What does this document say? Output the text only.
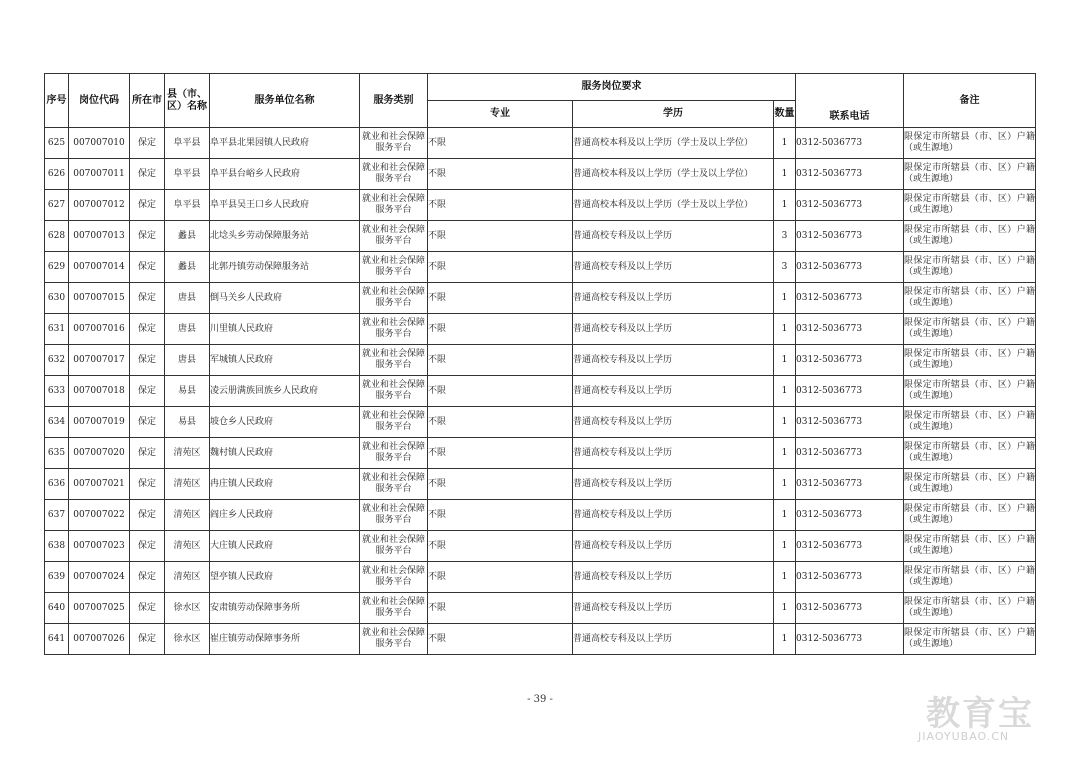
序号	岗位代码	所在市	县（市、区）名称	服务单位名称	服务类别	服务岗位要求			联系电话	备注
						专业	学历	数量		
625	007007010	保定	阜平县	阜平县北果园镇人民政府	就业和社会保障服务平台	不限	普通高校本科及以上学历（学士及以上学位）	1	0312-5036773	限保定市所辖县（市、区）户籍（或生源地）
626	007007011	保定	阜平县	阜平县台峪乡人民政府	就业和社会保障服务平台	不限	普通高校本科及以上学历（学士及以上学位）	1	0312-5036773	限保定市所辖县（市、区）户籍（或生源地）
627	007007012	保定	阜平县	阜平县吴王口乡人民政府	就业和社会保障服务平台	不限	普通高校本科及以上学历（学士及以上学位）	1	0312-5036773	限保定市所辖县（市、区）户籍（或生源地）
628	007007013	保定	蠡县	北埝头乡劳动保障服务站	就业和社会保障服务平台	不限	普通高校专科及以上学历	3	0312-5036773	限保定市所辖县（市、区）户籍（或生源地）
629	007007014	保定	蠡县	北郭丹镇劳动保障服务站	就业和社会保障服务平台	不限	普通高校专科及以上学历	3	0312-5036773	限保定市所辖县（市、区）户籍（或生源地）
630	007007015	保定	唐县	倒马关乡人民政府	就业和社会保障服务平台	不限	普通高校专科及以上学历	1	0312-5036773	限保定市所辖县（市、区）户籍（或生源地）
631	007007016	保定	唐县	川里镇人民政府	就业和社会保障服务平台	不限	普通高校专科及以上学历	1	0312-5036773	限保定市所辖县（市、区）户籍（或生源地）
632	007007017	保定	唐县	军城镇人民政府	就业和社会保障服务平台	不限	普通高校专科及以上学历	1	0312-5036773	限保定市所辖县（市、区）户籍（或生源地）
633	007007018	保定	易县	凌云册满族回族乡人民政府	就业和社会保障服务平台	不限	普通高校专科及以上学历	1	0312-5036773	限保定市所辖县（市、区）户籍（或生源地）
634	007007019	保定	易县	坡仓乡人民政府	就业和社会保障服务平台	不限	普通高校专科及以上学历	1	0312-5036773	限保定市所辖县（市、区）户籍（或生源地）
635	007007020	保定	清苑区	魏村镇人民政府	就业和社会保障服务平台	不限	普通高校专科及以上学历	1	0312-5036773	限保定市所辖县（市、区）户籍（或生源地）
636	007007021	保定	清苑区	冉庄镇人民政府	就业和社会保障服务平台	不限	普通高校专科及以上学历	1	0312-5036773	限保定市所辖县（市、区）户籍（或生源地）
637	007007022	保定	清苑区	阎庄乡人民政府	就业和社会保障服务平台	不限	普通高校专科及以上学历	1	0312-5036773	限保定市所辖县（市、区）户籍（或生源地）
638	007007023	保定	清苑区	大庄镇人民政府	就业和社会保障服务平台	不限	普通高校专科及以上学历	1	0312-5036773	限保定市所辖县（市、区）户籍（或生源地）
639	007007024	保定	清苑区	望亭镇人民政府	就业和社会保障服务平台	不限	普通高校专科及以上学历	1	0312-5036773	限保定市所辖县（市、区）户籍（或生源地）
640	007007025	保定	徐水区	安肃镇劳动保障事务所	就业和社会保障服务平台	不限	普通高校专科及以上学历	1	0312-5036773	限保定市所辖县（市、区）户籍（或生源地）
641	007007026	保定	徐水区	崔庄镇劳动保障事务所	就业和社会保障服务平台	不限	普通高校专科及以上学历	1	0312-5036773	限保定市所辖县（市、区）户籍（或生源地）
- 39 -	教育宝
JIAOYUBAO.CN
